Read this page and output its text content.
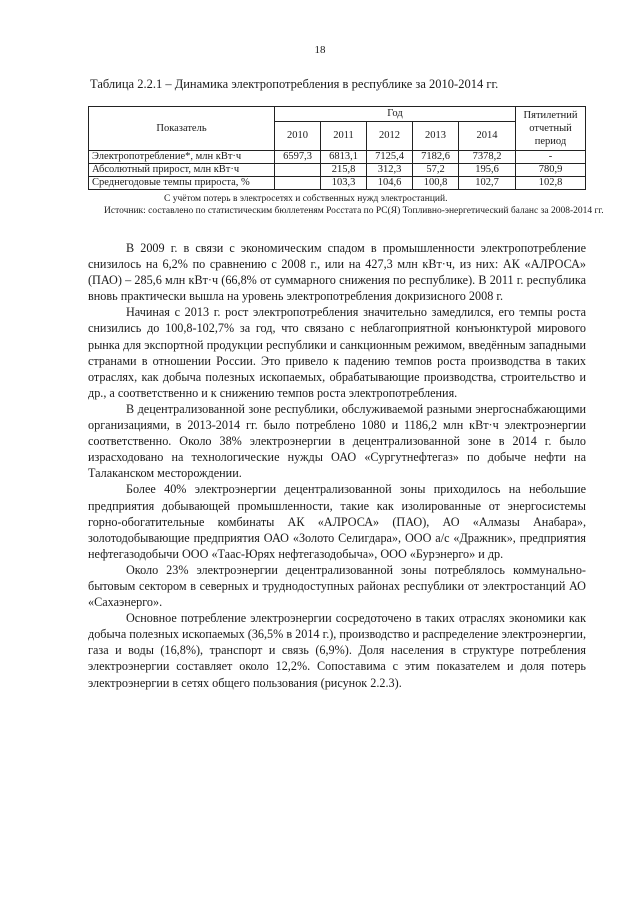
18
Таблица 2.2.1 – Динамика электропотребления в республике за 2010-2014 гг.
Показатель	Год					Пятилетний отчетный период
	2010	2011	2012	2013	2014	
Электропотребление*, млн кВт·ч	6597,3	6813,1	7125,4	7182,6	7378,2	-
Абсолютный прирост, млн кВт·ч		215,8	312,3	57,2	195,6	780,9
Среднегодовые темпы прироста, %		103,3	104,6	100,8	102,7	102,8
С учётом потерь в электросетях и собственных нужд электростанций.
Источник: составлено по статистическим бюллетеням Росстата по РС(Я) Топливно-энергетический баланс за 2008-2014 гг.

В 2009 г. в связи с экономическим спадом в промышленности электропотребление снизилось на 6,2% по сравнению с 2008 г., или на 427,3 млн кВт·ч, из них: АК «АЛРОСА» (ПАО) – 285,6 млн кВт·ч (66,8% от суммарного снижения по республике). В 2011 г. республика вновь практически вышла на уровень электропотребления докризисного 2008 г.

Начиная с 2013 г. рост электропотребления значительно замедлился, его темпы роста снизились до 100,8-102,7% за год, что связано с неблагоприятной конъюнктурой мирового рынка для экспортной продукции республики и санкционным режимом, введённым западными странами в отношении России. Это привело к падению темпов роста производства в таких отраслях, как добыча полезных ископаемых, обрабатывающие производства, строительство и др., а соответственно и к снижению темпов роста электропотребления.

В децентрализованной зоне республики, обслуживаемой разными энергоснабжающими организациями, в 2013-2014 гг. было потреблено 1080 и 1186,2 млн кВт·ч электроэнергии соответственно. Около 38% электроэнергии в децентрализованной зоне в 2014 г. было израсходовано на технологические нужды ОАО «Сургутнефтегаз» по добыче нефти на Талаканском месторождении.

Более 40% электроэнергии децентрализованной зоны приходилось на небольшие предприятия добывающей промышленности, такие как изолированные от энергосистемы горно-обогатительные комбинаты АК «АЛРОСА» (ПАО), АО «Алмазы Анабара», золотодобывающие предприятия ОАО «Золото Селигдара», ООО а/с «Дражник», предприятия нефтегазодобычи ООО «Таас-Юрях нефтегазодобыча», ООО «Бурэнерго» и др.

Около 23% электроэнергии децентрализованной зоны потреблялось коммунально-бытовым сектором в северных и труднодоступных районах республики от электростанций АО «Сахаэнерго».

Основное потребление электроэнергии сосредоточено в таких отраслях экономики как добыча полезных ископаемых (36,5% в 2014 г.), производство и распределение электроэнергии, газа и воды (16,8%), транспорт и связь (6,9%). Доля населения в структуре потребления электроэнергии составляет около 12,2%. Сопоставима с этим показателем и доля потерь электроэнергии в сетях общего пользования (рисунок 2.2.3).
